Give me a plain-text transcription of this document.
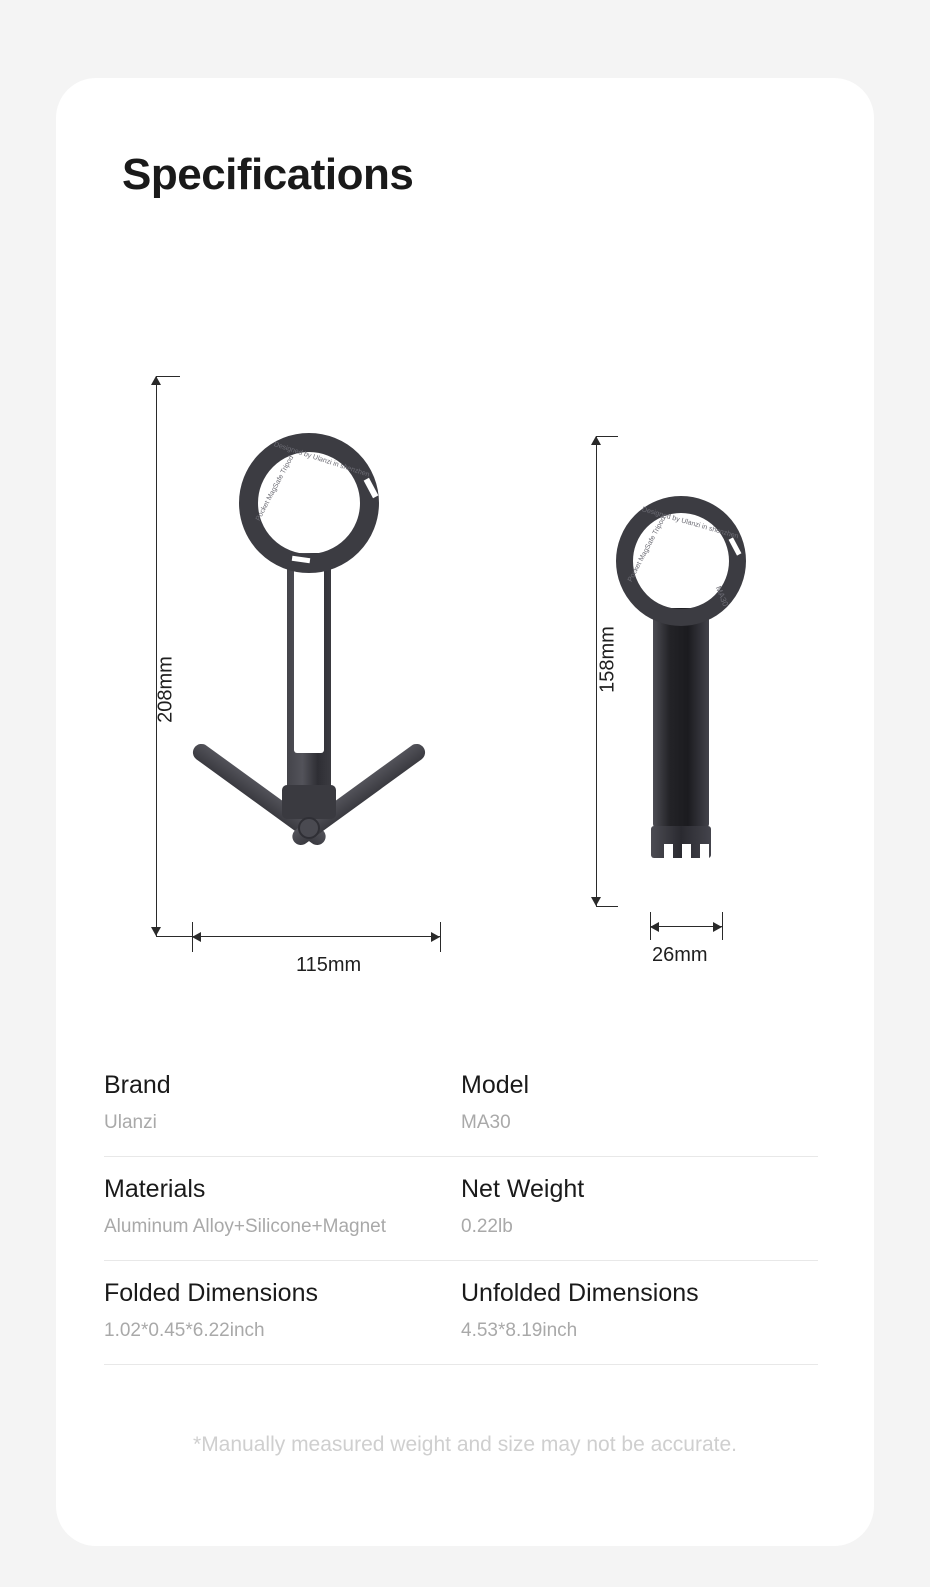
Specifications
Designed by Ulanzi in shenzhen
Pocket MagSafe Tripod
Designed by Ulanzi in shenzhen
Pocket MagSafe Tripod
MA30
208mm
115mm
158mm
26mm
Brand
Ulanzi
Model
MA30
Materials
Aluminum Alloy+Silicone+Magnet
Net Weight
0.22lb
Folded Dimensions
1.02*0.45*6.22inch
Unfolded Dimensions
4.53*8.19inch
*Manually measured weight and size may not be accurate.
